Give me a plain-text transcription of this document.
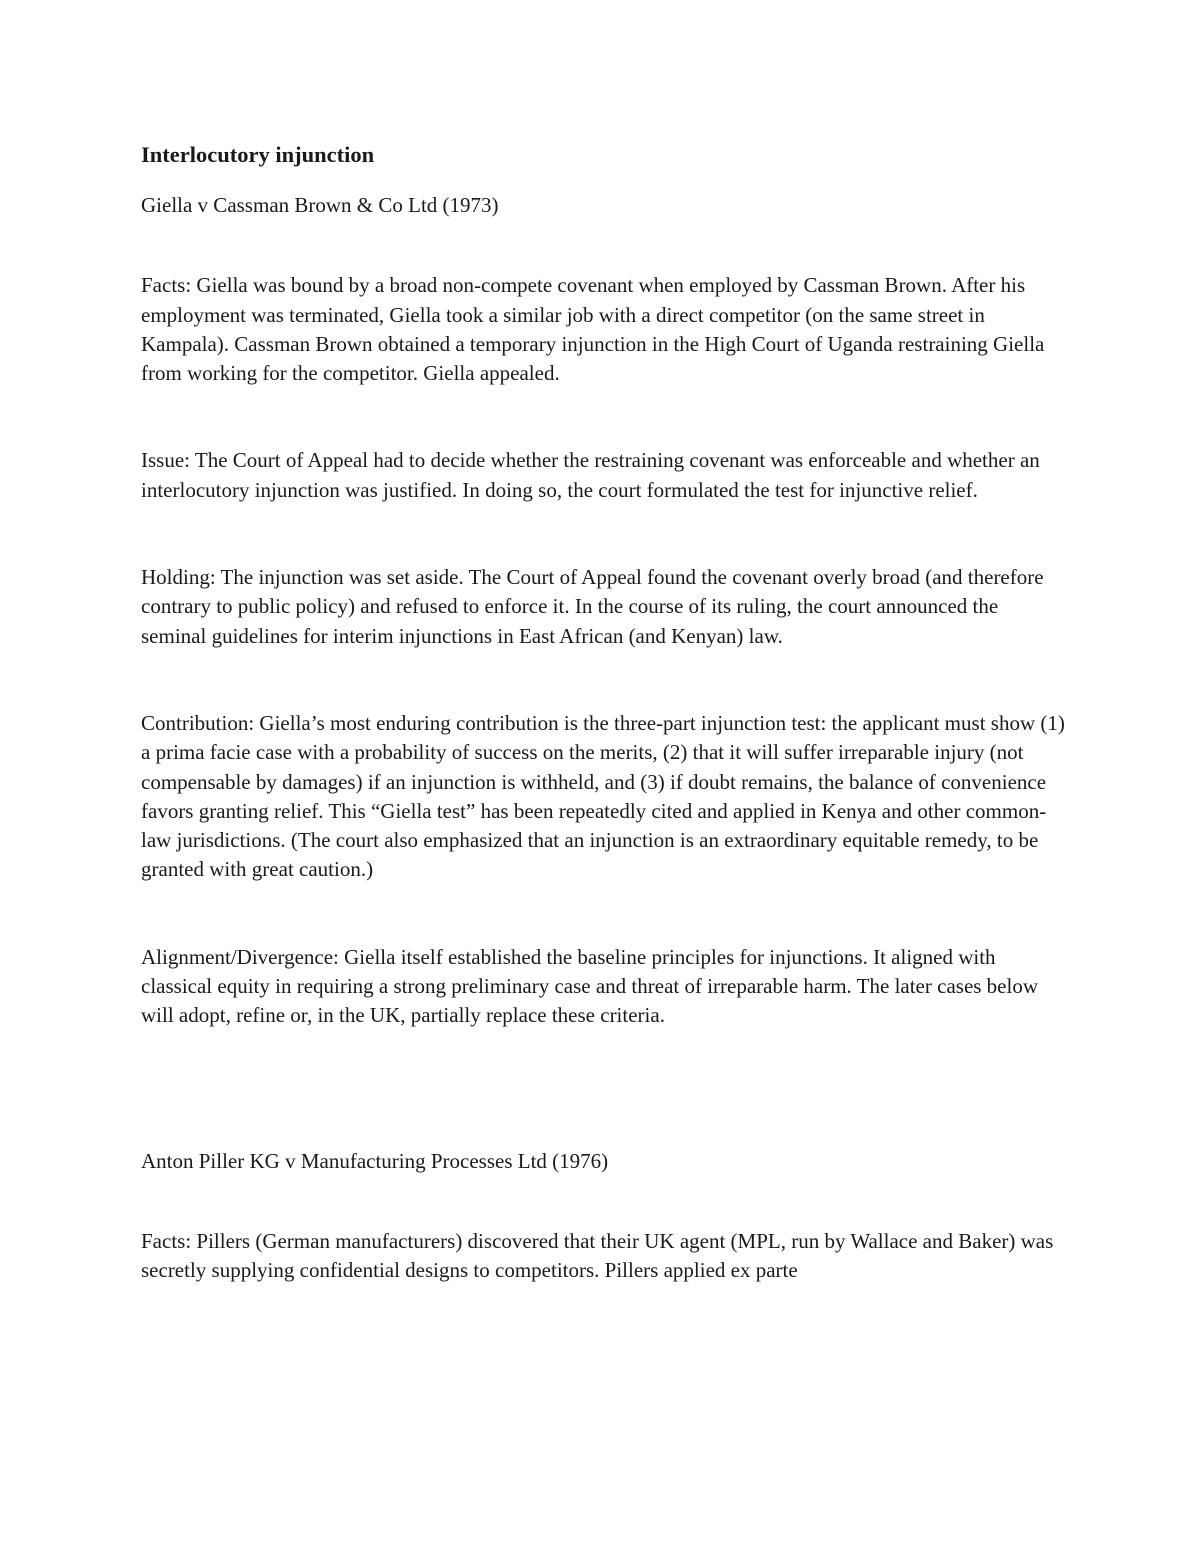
Interlocutory injunction

Giella v Cassman Brown & Co Ltd (1973)

Facts: Giella was bound by a broad non-compete covenant when employed by Cassman Brown. After his employment was terminated, Giella took a similar job with a direct competitor (on the same street in Kampala). Cassman Brown obtained a temporary injunction in the High Court of Uganda restraining Giella from working for the competitor. Giella appealed.

Issue: The Court of Appeal had to decide whether the restraining covenant was enforceable and whether an interlocutory injunction was justified. In doing so, the court formulated the test for injunctive relief.

Holding: The injunction was set aside. The Court of Appeal found the covenant overly broad (and therefore contrary to public policy) and refused to enforce it. In the course of its ruling, the court announced the seminal guidelines for interim injunctions in East African (and Kenyan) law.

Contribution: Giella’s most enduring contribution is the three-part injunction test: the applicant must show (1) a prima facie case with a probability of success on the merits, (2) that it will suffer irreparable injury (not compensable by damages) if an injunction is withheld, and (3) if doubt remains, the balance of convenience favors granting relief. This “Giella test” has been repeatedly cited and applied in Kenya and other common-law jurisdictions. (The court also emphasized that an injunction is an extraordinary equitable remedy, to be granted with great caution.)

Alignment/Divergence: Giella itself established the baseline principles for injunctions. It aligned with classical equity in requiring a strong preliminary case and threat of irreparable harm. The later cases below will adopt, refine or, in the UK, partially replace these criteria.

Anton Piller KG v Manufacturing Processes Ltd (1976)

Facts: Pillers (German manufacturers) discovered that their UK agent (MPL, run by Wallace and Baker) was secretly supplying confidential designs to competitors. Pillers applied ex parte
